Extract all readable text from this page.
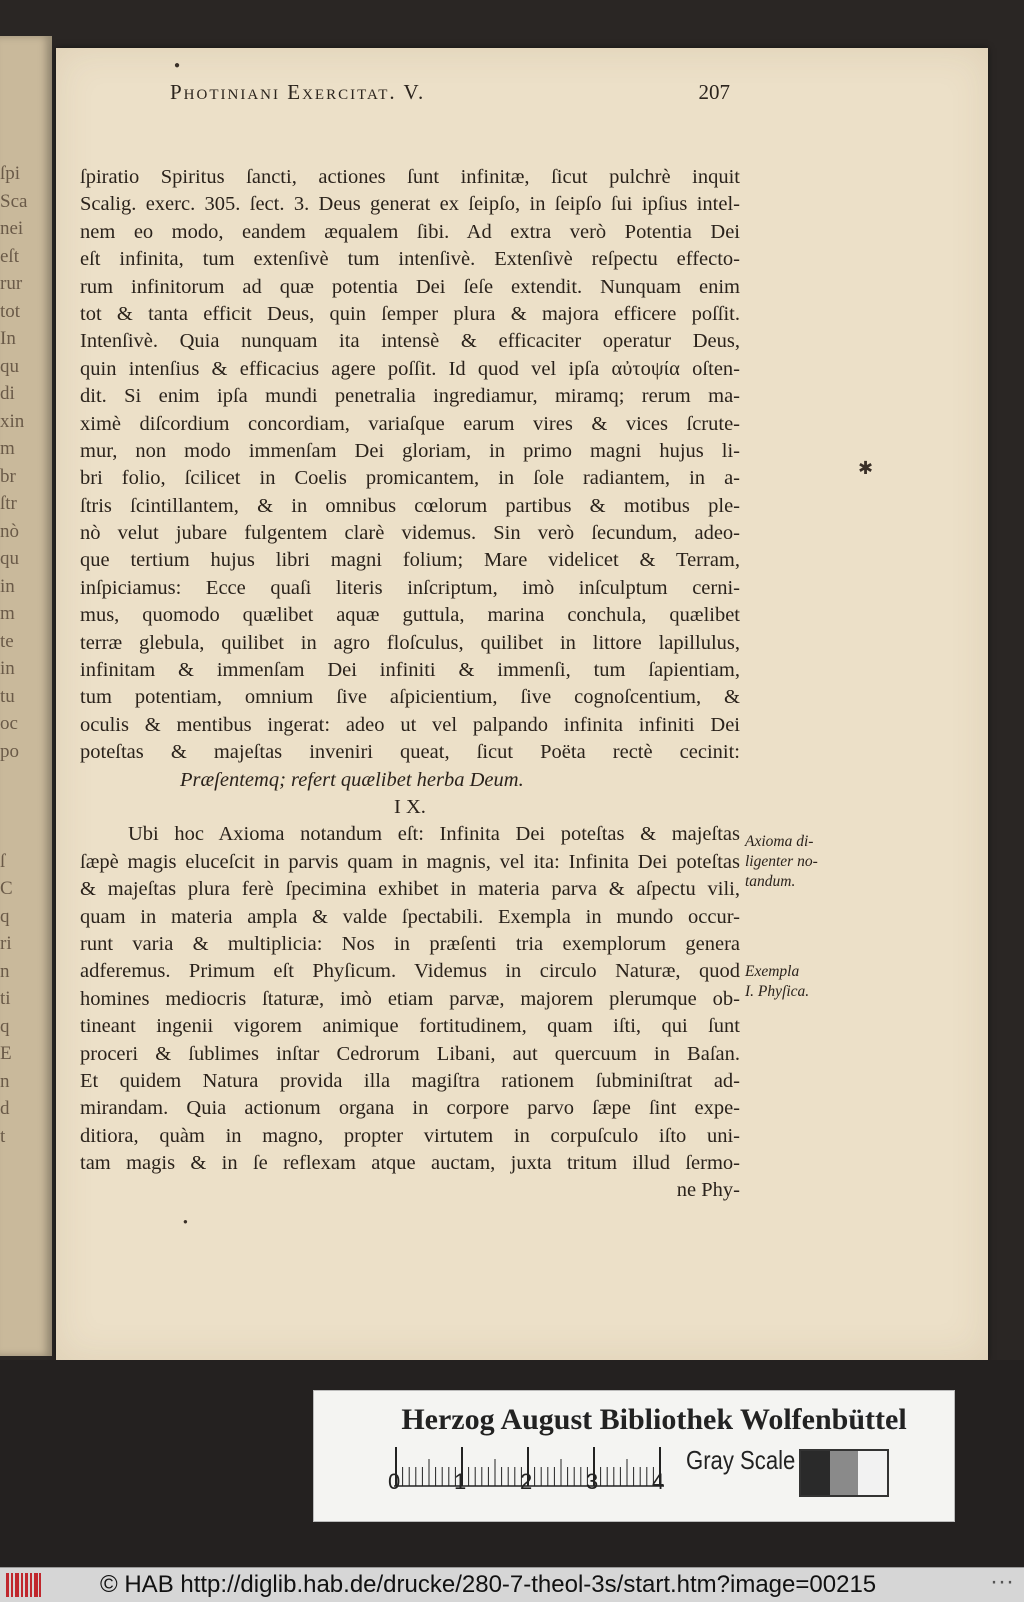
ſpi
Sca
nei
eſt
rur
tot
In
qu
di
xin
m
br
ſtr
nò
qu
in
m
te
in
tu
oc
po

ſ
C
q
ri
n
ti
q
E
n
d
t
Photiniani Exercitat. V.	207
ſpiratio Spiritus ſancti, actiones ſunt infinitæ, ſicut pulchrè inquit
Scalig. exerc. 305. ſect. 3. Deus generat ex ſeipſo, in ſeipſo ſui ipſius intel-
nem eo modo, eandem æqualem ſibi. Ad extra verò Potentia Dei
eſt infinita, tum extenſivè tum intenſivè. Extenſivè reſpectu effecto-
rum infinitorum ad quæ potentia Dei ſeſe extendit. Nunquam enim
tot & tanta efficit Deus, quin ſemper plura & majora efficere poſſit.
Intenſivè. Quia nunquam ita intensè & efficaciter operatur Deus,
quin intenſius & efficacius agere poſſit. Id quod vel ipſa αὐτοψία oſten-
dit. Si enim ipſa mundi penetralia ingrediamur, miramq; rerum ma-
ximè diſcordium concordiam, variaſque earum vires & vices ſcrute-
mur, non modo immenſam Dei gloriam, in primo magni hujus li-
bri folio, ſcilicet in Coelis promicantem, in ſole radiantem, in a-
ſtris ſcintillantem, & in omnibus cœlorum partibus & motibus ple-
nò velut jubare fulgentem clarè videmus. Sin verò ſecundum, adeo-
que tertium hujus libri magni folium; Mare videlicet & Terram,
inſpiciamus: Ecce quaſi literis inſcriptum, imò inſculptum cerni-
mus, quomodo quælibet aquæ guttula, marina conchula, quælibet
terræ glebula, quilibet in agro floſculus, quilibet in littore lapillulus,
infinitam & immenſam Dei infiniti & immenſi, tum ſapientiam,
tum potentiam, omnium ſive aſpicientium, ſive cognoſcentium, &
oculis & mentibus ingerat: adeo ut vel palpando infinita infiniti Dei
poteſtas & majeſtas inveniri queat, ſicut Poëta rectè cecinit:
Præſentemq; refert quælibet herba Deum.
I X.
Ubi hoc Axioma notandum eſt: Infinita Dei poteſtas & majeſtas
ſæpè magis eluceſcit in parvis quam in magnis, vel ita: Infinita Dei poteſtas
& majeſtas plura ferè ſpecimina exhibet in materia parva & aſpectu vili,
quam in materia ampla & valde ſpectabili. Exempla in mundo occur-
runt varia & multiplicia: Nos in præſenti tria exemplorum genera
adferemus. Primum eſt Phyſicum. Videmus in circulo Naturæ, quod
homines mediocris ſtaturæ, imò etiam parvæ, majorem plerumque ob-
tineant ingenii vigorem animique fortitudinem, quam iſti, qui ſunt
proceri & ſublimes inſtar Cedrorum Libani, aut quercuum in Baſan.
Et quidem Natura provida illa magiſtra rationem ſubminiſtrat ad-
mirandam. Quia actionum organa in corpore parvo ſæpe ſint expe-
ditiora, quàm in magno, propter virtutem in corpuſculo iſto uni-
tam magis & in ſe reflexam atque auctam, juxta tritum illud ſermo-
ne Phy-
Axioma di-
ligenter no-
tandum.
Exempla
I. Phyſica.
✱
●
●
Herzog August Bibliothek Wolfenbüttel
0 1 2 3 4
Gray Scale
© HAB http://diglib.hab.de/drucke/280-7-theol-3s/start.htm?image=00215	···
